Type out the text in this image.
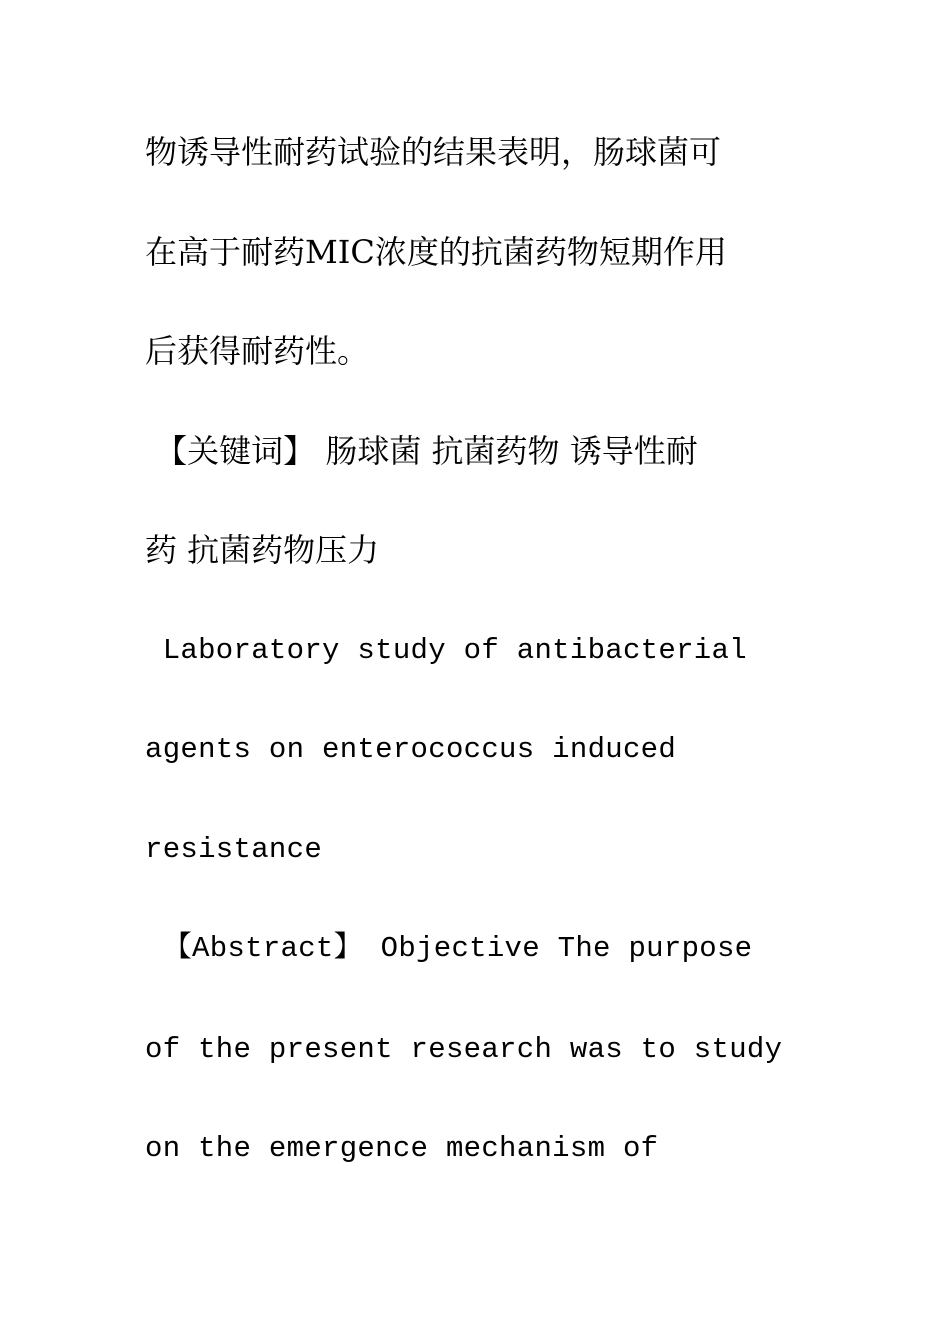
物诱导性耐药试验的结果表明，肠球菌可
在高于耐药MIC浓度的抗菌药物短期作用
后获得耐药性。
【关键词】 肠球菌 抗菌药物 诱导性耐
药 抗菌药物压力
Laboratory study of antibacterial
agents on enterococcus induced
resistance
【Abstract】 Objective The purpose
of the present research was to study
on the emergence mechanism of
